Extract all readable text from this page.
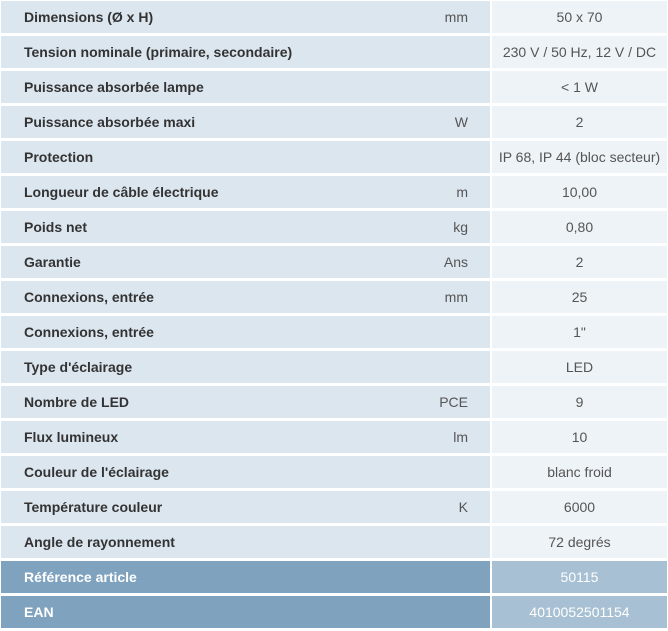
Dimensions (Ø x H)	mm		50 x 70
Tension nominale (primaire, secondaire)			230 V / 50 Hz, 12 V / DC
Puissance absorbée lampe			< 1 W
Puissance absorbée maxi	W		2
Protection			IP 68, IP 44 (bloc secteur)
Longueur de câble électrique	m		10,00
Poids net	kg		0,80
Garantie	Ans		2
Connexions, entrée	mm		25
Connexions, entrée			1"
Type d'éclairage			LED
Nombre de LED	PCE		9
Flux lumineux	lm		10
Couleur de l'éclairage			blanc froid
Température couleur	K		6000
Angle de rayonnement			72 degrés
Référence article			50115
EAN			4010052501154
